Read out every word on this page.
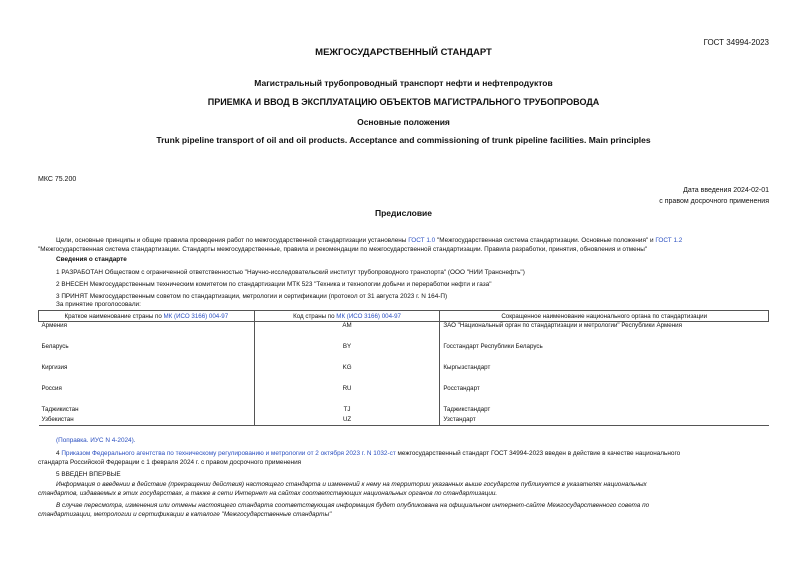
ГОСТ 34994-2023
МЕЖГОСУДАРСТВЕННЫЙ СТАНДАРТ
Магистральный трубопроводный транспорт нефти и нефтепродуктов
ПРИЕМКА И ВВОД В ЭКСПЛУАТАЦИЮ ОБЪЕКТОВ МАГИСТРАЛЬНОГО ТРУБОПРОВОДА
Основные положения
Trunk pipeline transport of oil and oil products. Acceptance and commissioning of trunk pipeline facilities. Main principles
МКС 75.200
Дата введения 2024-02-01
с правом досрочного применения
Предисловие
Цели, основные принципы и общие правила проведения работ по межгосударственной стандартизации установлены ГОСТ 1.0 "Межгосударственная система стандартизации. Основные положения" и ГОСТ 1.2
"Межгосударственная система стандартизации. Стандарты межгосударственные, правила и рекомендации по межгосударственной стандартизации. Правила разработки, принятия, обновления и отмены"
Сведения о стандарте
1 РАЗРАБОТАН Обществом с ограниченной ответственностью "Научно-исследовательский институт трубопроводного транспорта" (ООО "НИИ Транснефть")
2 ВНЕСЕН Межгосударственным техническим комитетом по стандартизации МТК 523 "Техника и технологии добычи и переработки нефти и газа"
3 ПРИНЯТ Межгосударственным советом по стандартизации, метрологии и сертификации (протокол от 31 августа 2023 г. N 164-П)
За принятие проголосовали:
Краткое наименование страны по МК (ИСО 3166) 004-97	Код страны по МК (ИСО 3166) 004-97	Сокращенное наименование национального органа по стандартизации
Армения	AM	ЗАО "Национальный орган по стандартизации и метрологии" Республики Армения
Беларусь	BY	Госстандарт Республики Беларусь
Киргизия	KG	Кыргызстандарт
Россия	RU	Росстандарт
Таджикистан	TJ	Таджикстандарт
Узбекистан	UZ	Узстандарт
(Поправка. ИУС N 4-2024).
4 Приказом Федерального агентства по техническому регулированию и метрологии от 2 октября 2023 г. N 1032-ст межгосударственный стандарт ГОСТ 34994-2023 введен в действие в качестве национального
стандарта Российской Федерации с 1 февраля 2024 г. с правом досрочного применения
5 ВВЕДЕН ВПЕРВЫЕ
Информация о введении в действие (прекращении действия) настоящего стандарта и изменений к нему на территории указанных выше государств публикуется в указателях национальных
стандартов, издаваемых в этих государствах, а также в сети Интернет на сайтах соответствующих национальных органов по стандартизации.
В случае пересмотра, изменения или отмены настоящего стандарта соответствующая информация будет опубликована на официальном интернет-сайте Межгосударственного совета по
стандартизации, метрологии и сертификации в каталоге "Межгосударственные стандарты"
